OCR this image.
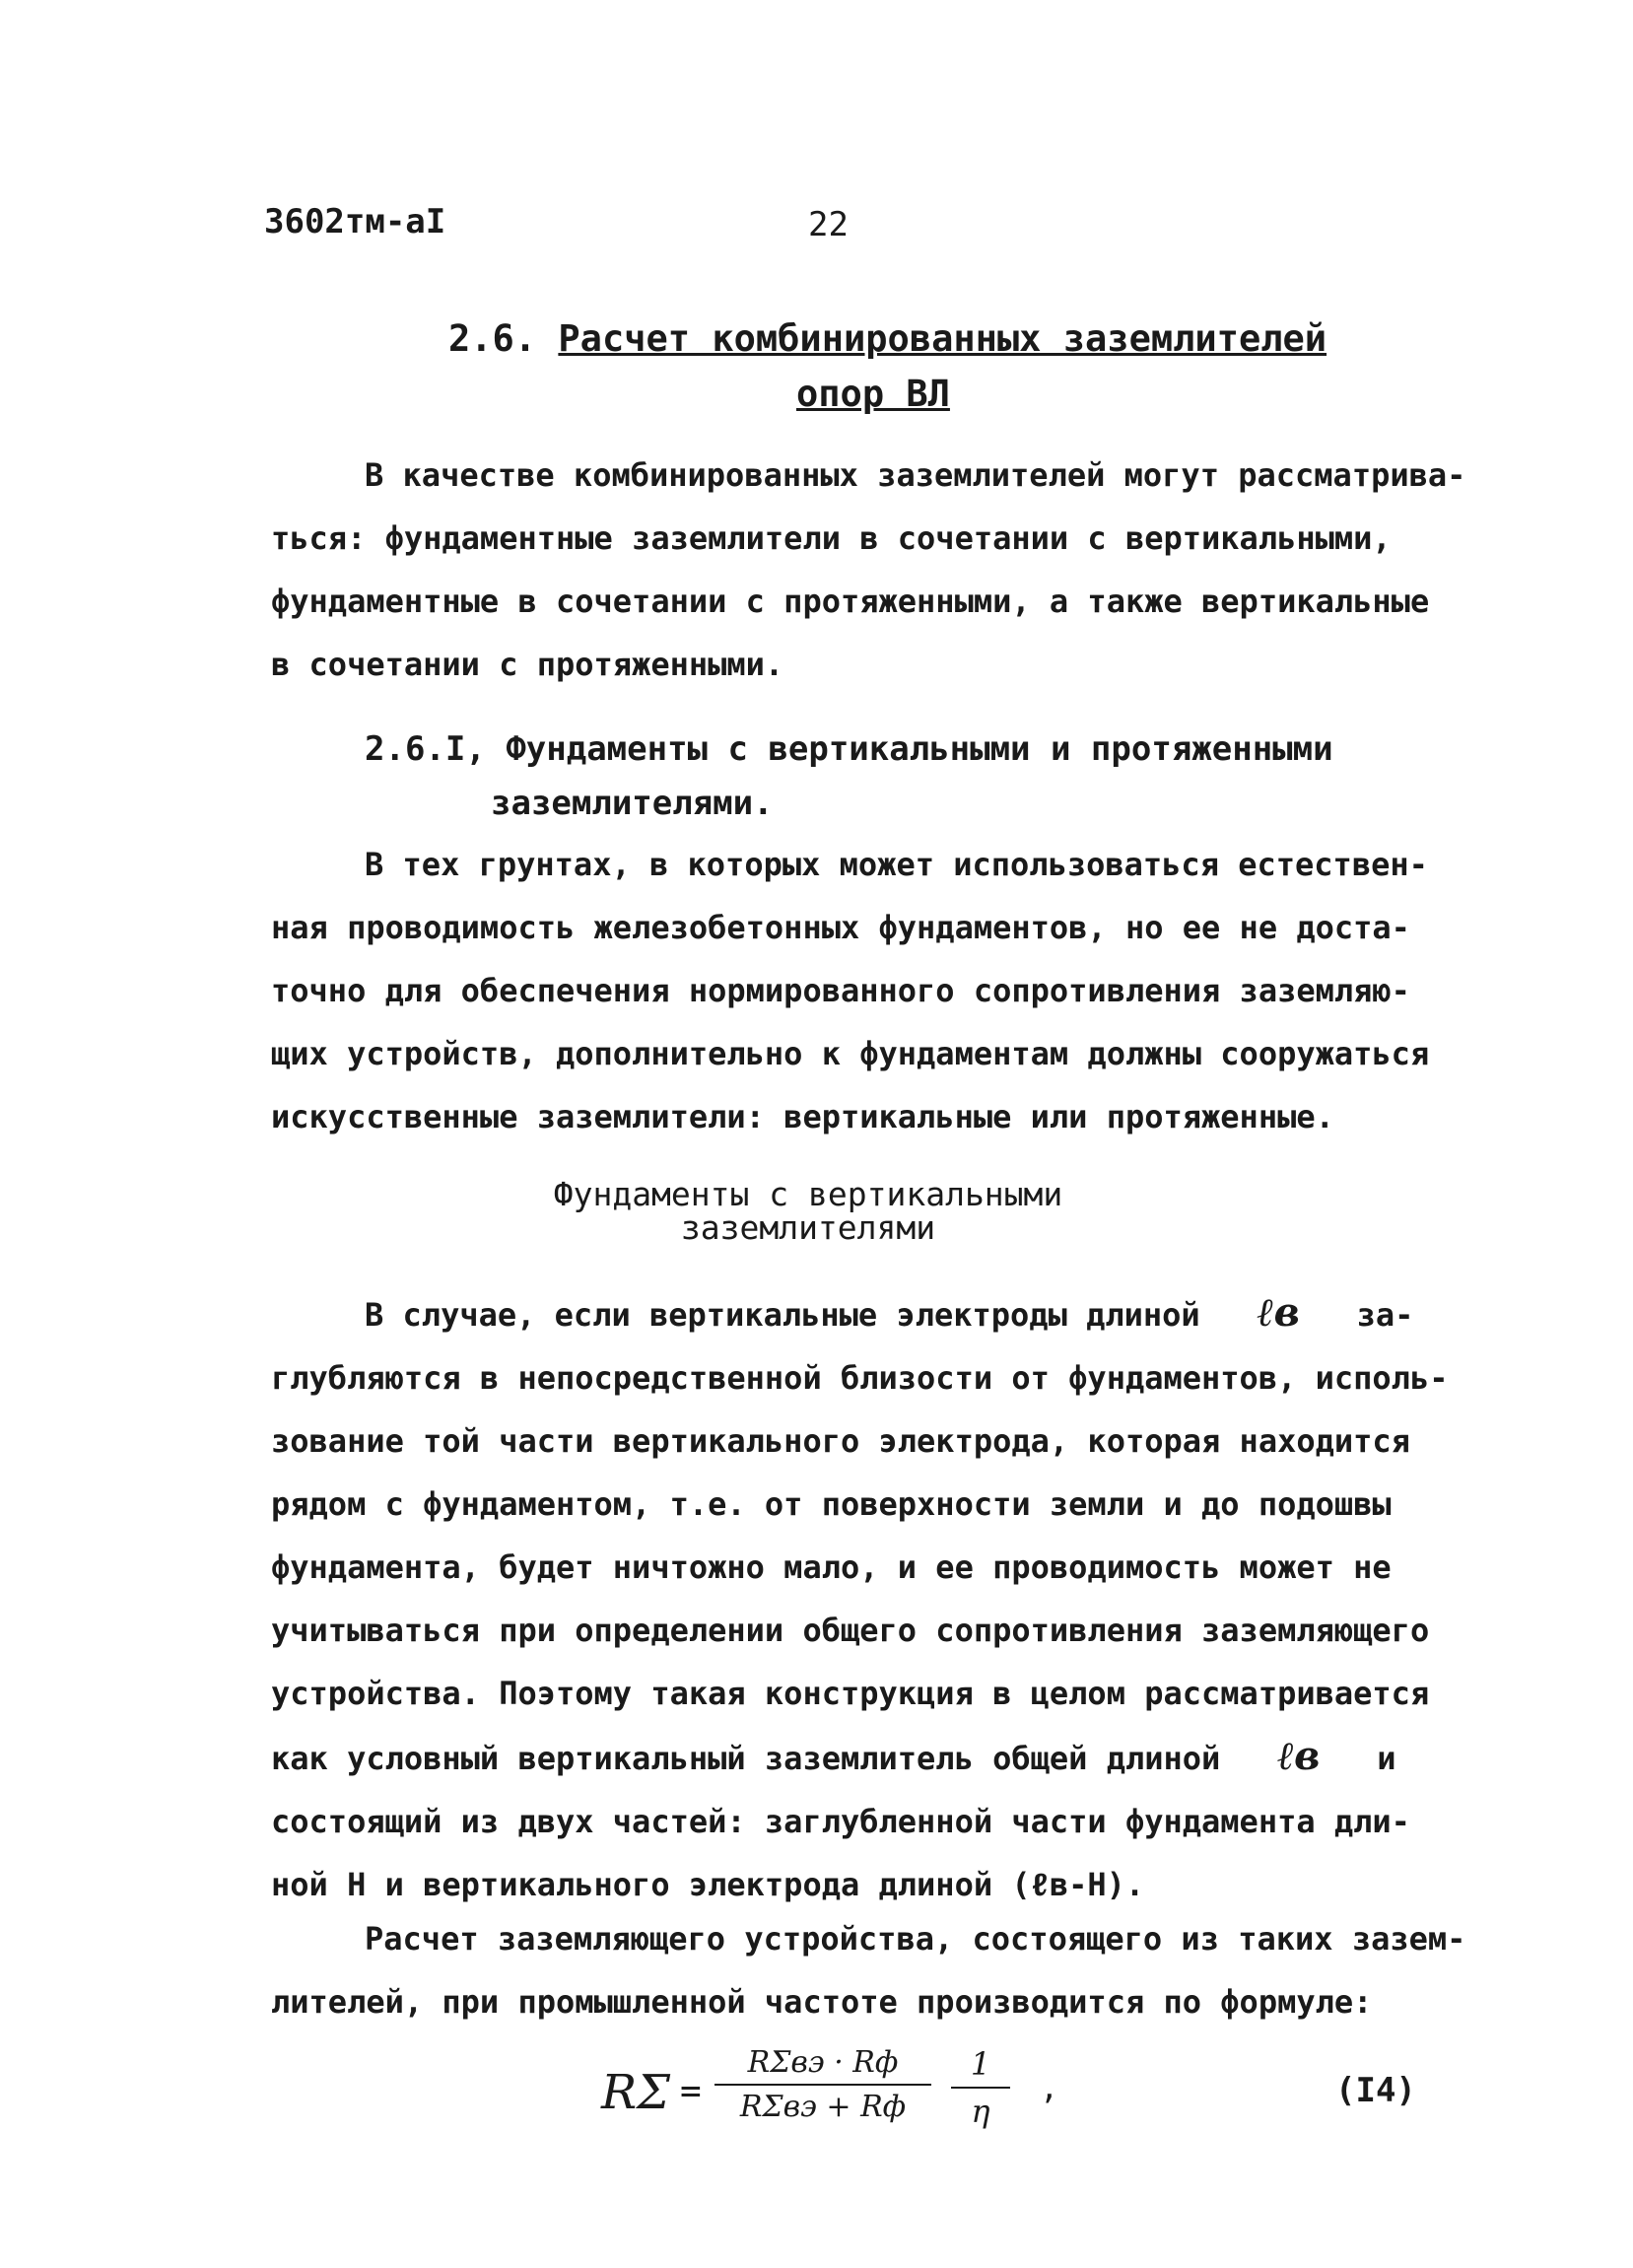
3602тм-аI	22
2.6. Расчет комбинированных заземлителей
опор ВЛ
В качестве комбинированных заземлителей могут рассматрива-
ться: фундаментные заземлители в сочетании с вертикальными,
фундаментные в сочетании с протяженными, а также вертикальные
в сочетании с протяженными.
2.6.I, Фундаменты с вертикальными и протяженными
заземлителями.
В тех грунтах, в которых может использоваться естествен-
ная проводимость железобетонных фундаментов, но ее не доста-
точно для обеспечения нормированного сопротивления заземляю-
щих устройств, дополнительно к фундаментам должны сооружаться
искусственные заземлители: вертикальные или протяженные.
Фундаменты с вертикальными
заземлителями
В случае, если вертикальные электроды длиной ℓв за-
глубляются в непосредственной близости от фундаментов, исполь-
зование той части вертикального электрода, которая находится
рядом с фундаментом, т.е. от поверхности земли и до подошвы
фундамента, будет ничтожно мало, и ее проводимость может не
учитываться при определении общего сопротивления заземляющего
устройства. Поэтому такая конструкция в целом рассматривается
как условный вертикальный заземлитель общей длиной ℓв и
состоящий из двух частей: заглубленной части фундамента дли-
ной Н и вертикального электрода длиной (ℓв-Н).
Расчет заземляющего устройства, состоящего из таких зазем-
лителей, при промышленной частоте производится по формуле:
RΣ =
RΣвэ · Rф
RΣвэ + Rф
1
η
,	(I4)
